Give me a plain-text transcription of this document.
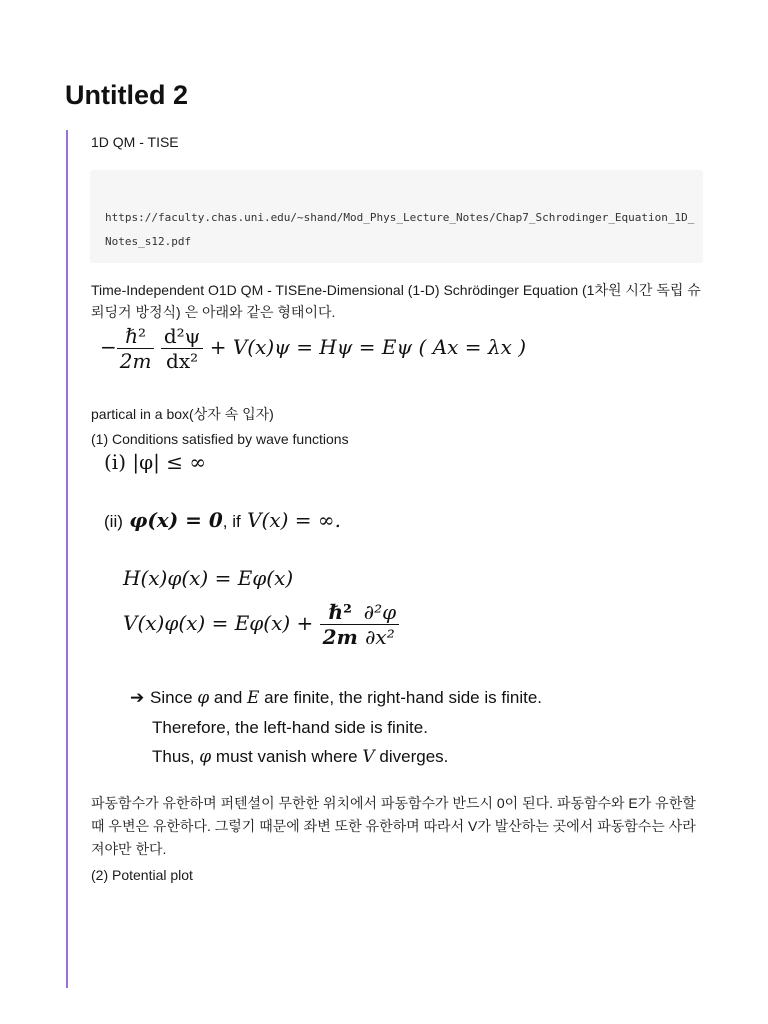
Untitled 2
1D QM - TISE
https://faculty.chas.uni.edu/~shand/Mod_Phys_Lecture_Notes/Chap7_Schrodinger_Equation_1D_Notes_s12.pdf
Time-Independent O1D QM - TISEne-Dimensional (1-D) Schrödinger Equation (1차원 시간 독립 슈뢰딩거 방정식) 은 아래와 같은 형태이다.
− $\frac{\text{ℏ²}}{2m}$
$\frac{\text{d²ψ}}{\text{dx²}} + V(x)\psi = H\psi = E\psi$ ( Ax = λx )
partical in a box(상자 속 입자)
(1) Conditions satisfied by wave functions
(i) |φ| ≤ ∞
(ii) φ(x) = 0, if V(x) = ∞.
H(x)φ(x) = Eφ(x)
$V(x)\varphi(x) = E\varphi(x) + \frac{\text{ℏ²}}{2m} \frac{\text{∂²φ}}{\text{∂x²}}$
➔ Since φ and E are finite, the right-hand side is finite.
Therefore, the left-hand side is finite.
Thus, φ must vanish where V diverges.
파동함수가 유한하며 퍼텐셜이 무한한 위치에서 파동함수가 반드시 0이 된다. 파동함수와 E가 유한할 때 우변은 유한하다. 그렇기 때문에 좌변 또한 유한하며 따라서 V가 발산하는 곳에서 파동함수는 사라져야만 한다.
(2) Potential plot
